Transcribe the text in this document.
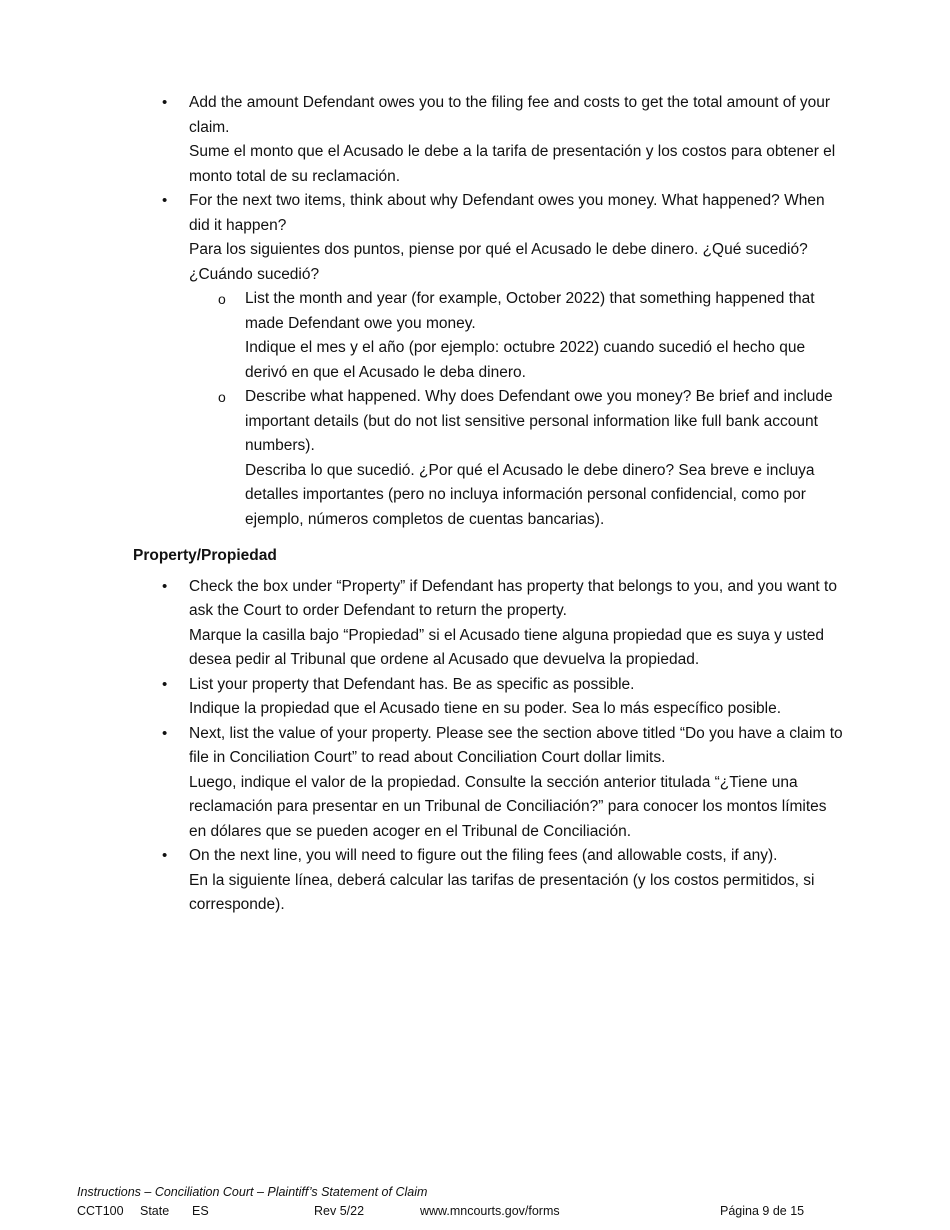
• Add the amount Defendant owes you to the filing fee and costs to get the total amount of your claim.
Sume el monto que el Acusado le debe a la tarifa de presentación y los costos para obtener el monto total de su reclamación.
• For the next two items, think about why Defendant owes you money. What happened? When did it happen?
Para los siguientes dos puntos, piense por qué el Acusado le debe dinero. ¿Qué sucedió? ¿Cuándo sucedió?
o List the month and year (for example, October 2022) that something happened that made Defendant owe you money.
Indique el mes y el año (por ejemplo: octubre 2022) cuando sucedió el hecho que derivó en que el Acusado le deba dinero.
o Describe what happened. Why does Defendant owe you money? Be brief and include important details (but do not list sensitive personal information like full bank account numbers).
Describa lo que sucedió. ¿Por qué el Acusado le debe dinero? Sea breve e incluya detalles importantes (pero no incluya información personal confidencial, como por ejemplo, números completos de cuentas bancarias).
Property/Propiedad
• Check the box under “Property” if Defendant has property that belongs to you, and you want to ask the Court to order Defendant to return the property.
Marque la casilla bajo “Propiedad” si el Acusado tiene alguna propiedad que es suya y usted desea pedir al Tribunal que ordene al Acusado que devuelva la propiedad.
• List your property that Defendant has. Be as specific as possible.
Indique la propiedad que el Acusado tiene en su poder. Sea lo más específico posible.
• Next, list the value of your property. Please see the section above titled “Do you have a claim to file in Conciliation Court” to read about Conciliation Court dollar limits.
Luego, indique el valor de la propiedad. Consulte la sección anterior titulada “¿Tiene una reclamación para presentar en un Tribunal de Conciliación?” para conocer los montos límites en dólares que se pueden acoger en el Tribunal de Conciliación.
• On the next line, you will need to figure out the filing fees (and allowable costs, if any).
En la siguiente línea, deberá calcular las tarifas de presentación (y los costos permitidos, si corresponde).
Instructions – Conciliation Court – Plaintiff’s Statement of Claim
CCT100 State ES	Rev 5/22	www.mncourts.gov/forms	Página 9 de 15
